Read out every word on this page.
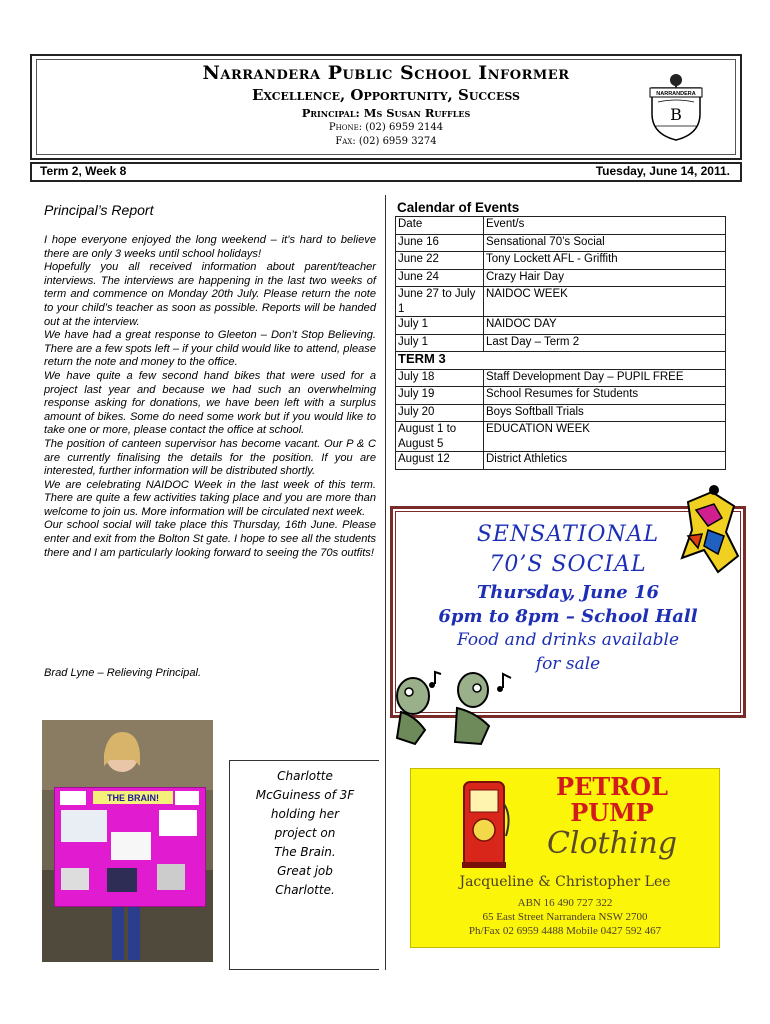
Narrandera Public School Informer
Excellence, Opportunity, Success
Principal: Ms Susan Ruffles
Phone: (02) 6959 2144
Fax: (02) 6959 3274
NARRANDERA
B
Term 2, Week 8	Tuesday, June 14, 2011.
Principal’s Report

I hope everyone enjoyed the long weekend – it’s hard to believe there are only 3 weeks until school holidays!

Hopefully you all received information about parent/teacher interviews. The interviews are happening in the last two weeks of term and commence on Monday 20th July. Please return the note to your child’s teacher as soon as possible. Reports will be handed out at the interview.

We have had a great response to Gleeton – Don’t Stop Believing. There are a few spots left – if your child would like to attend, please return the note and money to the office.

We have quite a few second hand bikes that were used for a project last year and because we had such an overwhelming response asking for donations, we have been left with a surplus amount of bikes. Some do need some work but if you would like to take one or more, please contact the office at school.

The position of canteen supervisor has become vacant. Our P & C are currently finalising the details for the position. If you are interested, further information will be distributed shortly.

We are celebrating NAIDOC Week in the last week of this term. There are quite a few activities taking place and you are more than welcome to join us. More information will be circulated next week.

Our school social will take place this Thursday, 16th June. Please enter and exit from the Bolton St gate. I hope to see all the students there and I am particularly looking forward to seeing the 70s outfits!

Brad Lyne – Relieving Principal.
THE BRAIN!
Charlotte
McGuiness of 3F
holding her
project on
The Brain.
Great job
Charlotte.
Calendar of Events
Date	Event/s
June 16	Sensational 70’s Social
June 22	Tony Lockett AFL - Griffith
June 24	Crazy Hair Day
June 27 to July 1	NAIDOC WEEK
July 1	NAIDOC DAY
July 1	Last Day – Term 2
TERM 3	
July 18	Staff Development Day – PUPIL FREE
July 19	School Resumes for Students
July 20	Boys Softball Trials
August 1 to August 5	EDUCATION WEEK
August 12	District Athletics
SENSATIONAL
70’S SOCIAL
Thursday, June 16
6pm to 8pm – School Hall
Food and drinks available
for sale
PETROL
PUMP
Clothing
Jacqueline & Christopher Lee
ABN 16 490 727 322
65 East Street Narrandera NSW 2700
Ph/Fax 02 6959 4488 Mobile 0427 592 467
